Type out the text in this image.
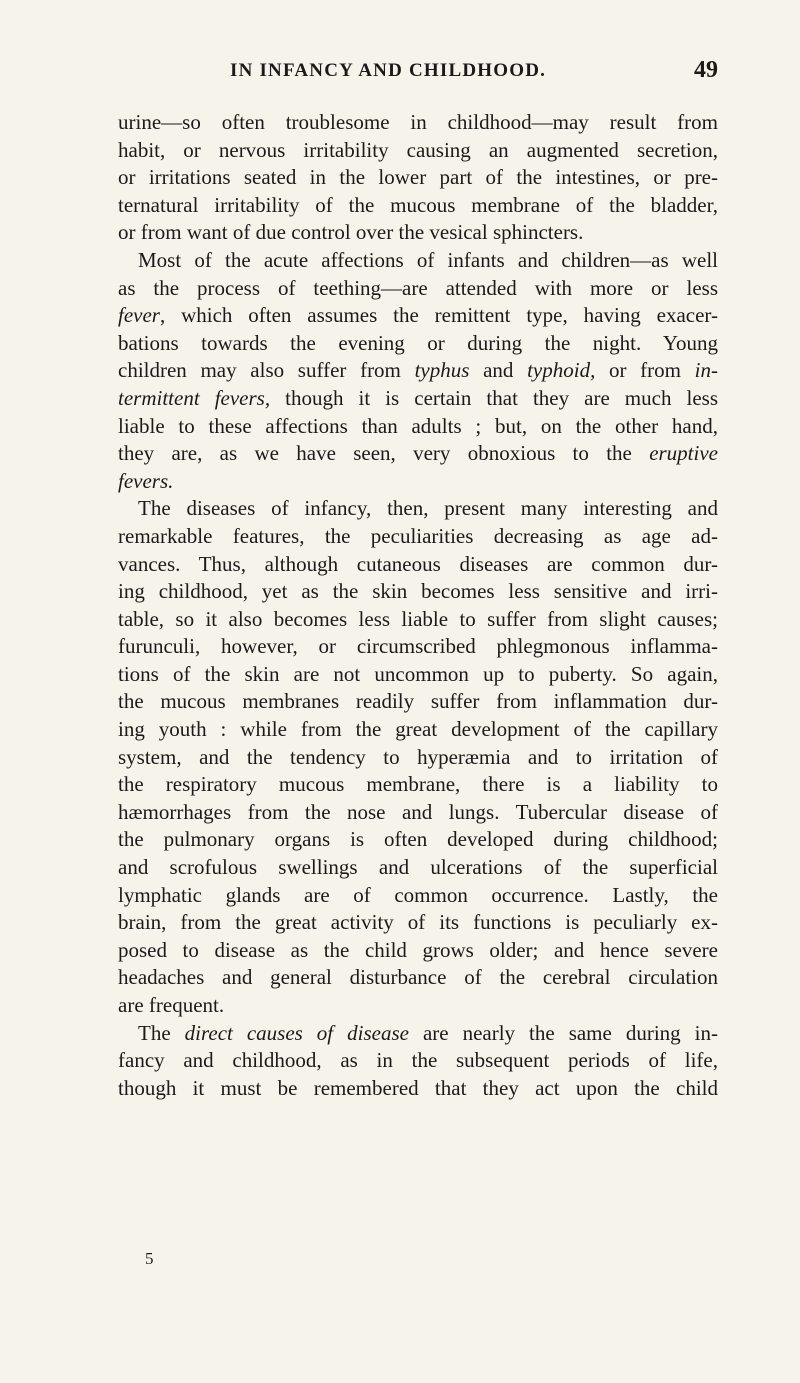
IN INFANCY AND CHILDHOOD.	49
urine—so often troublesome in childhood—may result from
habit, or nervous irritability causing an augmented secretion,
or irritations seated in the lower part of the intestines, or pre-
ternatural irritability of the mucous membrane of the bladder,
or from want of due control over the vesical sphincters.
Most of the acute affections of infants and children—as well
as the process of teething—are attended with more or less
fever, which often assumes the remittent type, having exacer-
bations towards the evening or during the night. Young
children may also suffer from typhus and typhoid, or from in-
termittent fevers, though it is certain that they are much less
liable to these affections than adults ; but, on the other hand,
they are, as we have seen, very obnoxious to the eruptive
fevers.
The diseases of infancy, then, present many interesting and
remarkable features, the peculiarities decreasing as age ad-
vances. Thus, although cutaneous diseases are common dur-
ing childhood, yet as the skin becomes less sensitive and irri-
table, so it also becomes less liable to suffer from slight causes;
furunculi, however, or circumscribed phlegmonous inflamma-
tions of the skin are not uncommon up to puberty. So again,
the mucous membranes readily suffer from inflammation dur-
ing youth : while from the great development of the capillary
system, and the tendency to hyperæmia and to irritation of
the respiratory mucous membrane, there is a liability to
hæmorrhages from the nose and lungs. Tubercular disease of
the pulmonary organs is often developed during childhood;
and scrofulous swellings and ulcerations of the superficial
lymphatic glands are of common occurrence. Lastly, the
brain, from the great activity of its functions is peculiarly ex-
posed to disease as the child grows older; and hence severe
headaches and general disturbance of the cerebral circulation
are frequent.
The direct causes of disease are nearly the same during in-
fancy and childhood, as in the subsequent periods of life,
though it must be remembered that they act upon the child
5
